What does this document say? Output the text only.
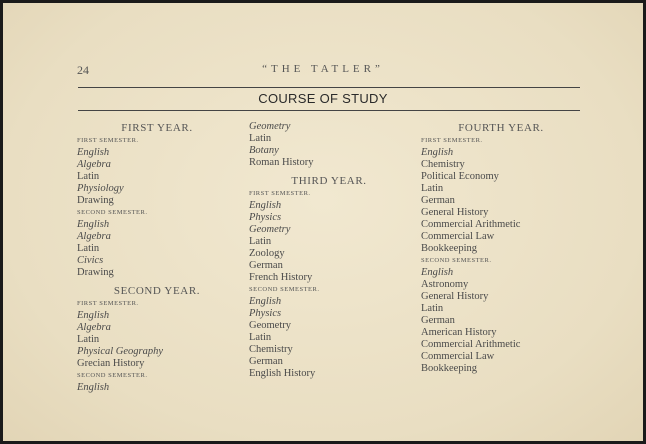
24	“THE TATLER”
COURSE OF STUDY
FIRST YEAR.
FIRST SEMESTER.
English
Algebra
Latin
Physiology
Drawing
SECOND SEMESTER.
English
Algebra
Latin
Civics
Drawing
SECOND YEAR.
FIRST SEMESTER.
English
Algebra
Latin
Physical Geography
Grecian History
SECOND SEMESTER.
English
Geometry
Latin
Botany
Roman History
THIRD YEAR.
FIRST SEMESTER.
English
Physics
Geometry
Latin
Zoology
German
French History
SECOND SEMESTER.
English
Physics
Geometry
Latin
Chemistry
German
English History
FOURTH YEAR.
FIRST SEMESTER.
English
Chemistry
Political Economy
Latin
German
General History
Commercial Arithmetic
Commercial Law
Bookkeeping
SECOND SEMESTER.
English
Astronomy
General History
Latin
German
American History
Commercial Arithmetic
Commercial Law
Bookkeeping
